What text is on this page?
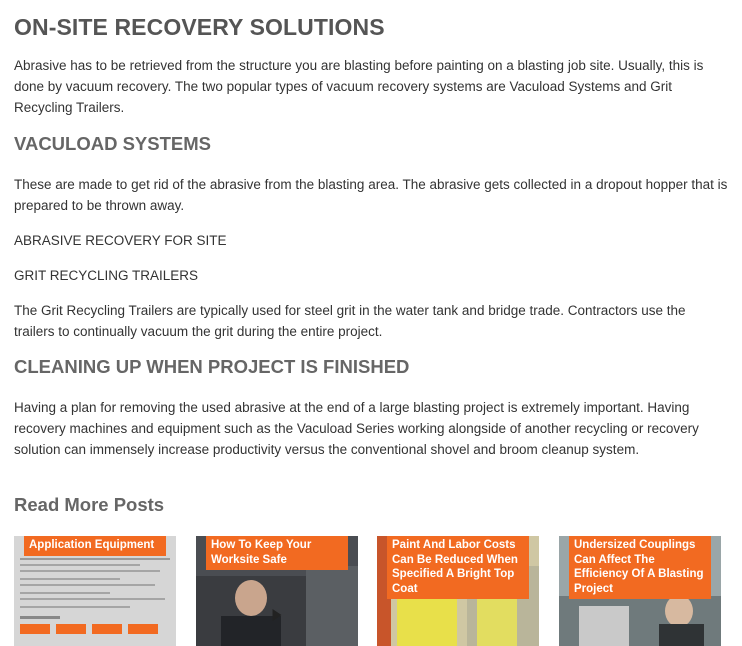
ON-SITE RECOVERY SOLUTIONS

Abrasive has to be retrieved from the structure you are blasting before painting on a blasting job site. Usually, this is done by vacuum recovery. The two popular types of vacuum recovery systems are Vacuload Systems and Grit Recycling Trailers.

VACULOAD SYSTEMS

These are made to get rid of the abrasive from the blasting area. The abrasive gets collected in a dropout hopper that is prepared to be thrown away.

ABRASIVE RECOVERY FOR SITE

GRIT RECYCLING TRAILERS

The Grit Recycling Trailers are typically used for steel grit in the water tank and bridge trade. Contractors use the trailers to continually vacuum the grit during the entire project.

CLEANING UP WHEN PROJECT IS FINISHED

Having a plan for removing the used abrasive at the end of a large blasting project is extremely important. Having recovery machines and equipment such as the Vacuload Series working alongside of another recycling or recovery solution can immensely increase productivity versus the conventional shovel and broom cleanup system.

Read More Posts
Application Equipment	How To Keep Your Worksite Safe
Paint And Labor Costs Can Be Reduced When Specified A Bright Top Coat
Undersized Couplings Can Affect The Efficiency Of A Blasting Project
